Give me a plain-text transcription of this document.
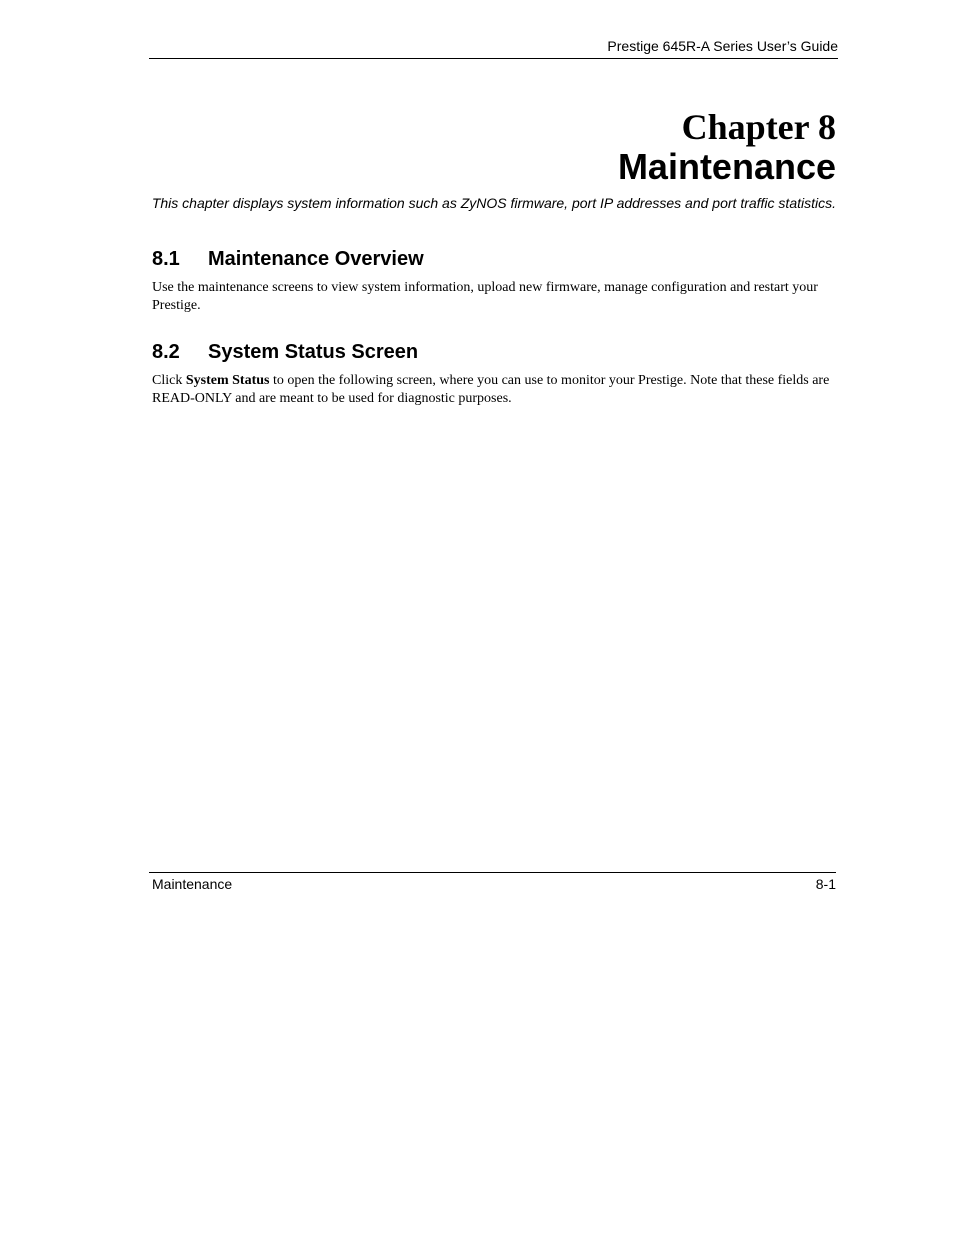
Prestige 645R-A Series User’s Guide
Chapter 8
Maintenance
This chapter displays system information such as ZyNOS firmware, port IP addresses and port traffic statistics.
8.1 Maintenance Overview
Use the maintenance screens to view system information, upload new firmware, manage configuration and restart your Prestige.
8.2 System Status Screen
Click System Status to open the following screen, where you can use to monitor your Prestige. Note that these fields are READ-ONLY and are meant to be used for diagnostic purposes.
Maintenance	8-1
